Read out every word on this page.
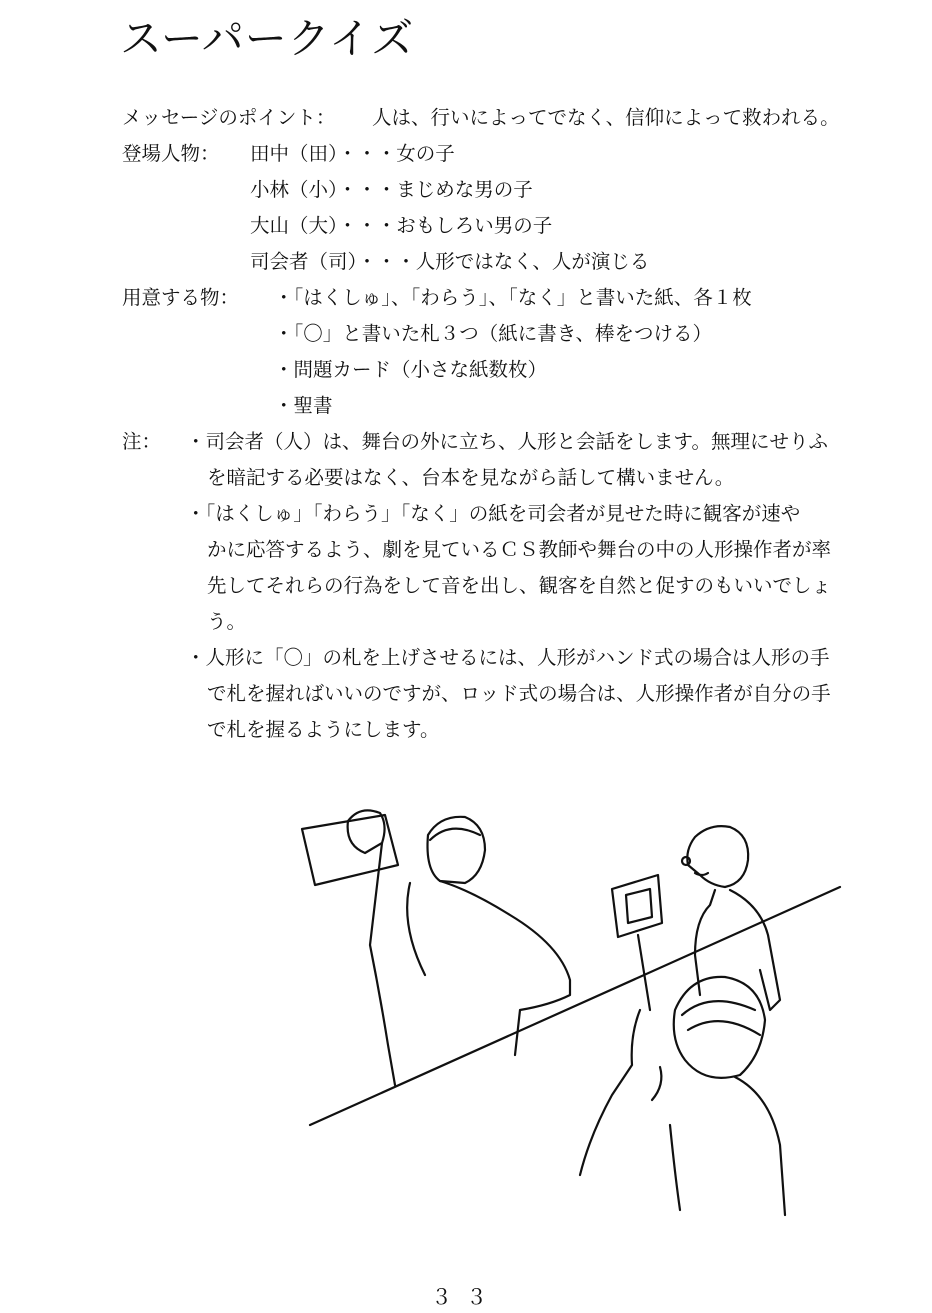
スーパークイズ
メッセージのポイント： 人は、行いによってでなく、信仰によって救われる。
登場人物： 田中（田）・・・女の子
小林（小）・・・まじめな男の子
大山（大）・・・おもしろい男の子
司会者（司）・・・人形ではなく、人が演じる
用意する物： ・「はくしゅ」、「わらう」、「なく」と書いた紙、各１枚
・「〇」と書いた札３つ（紙に書き、棒をつける）
・問題カード（小さな紙数枚）
・聖書
注： ・司会者（人）は、舞台の外に立ち、人形と会話をします。無理にせりふ
を暗記する必要はなく、台本を見ながら話して構いません。
・「はくしゅ」「わらう」「なく」の紙を司会者が見せた時に観客が速や
かに応答するよう、劇を見ているＣＳ教師や舞台の中の人形操作者が率
先してそれらの行為をして音を出し、観客を自然と促すのもいいでしょ
う。
・人形に「〇」の札を上げさせるには、人形がハンド式の場合は人形の手
で札を握ればいいのですが、ロッド式の場合は、人形操作者が自分の手
で札を握るようにします。
３３
